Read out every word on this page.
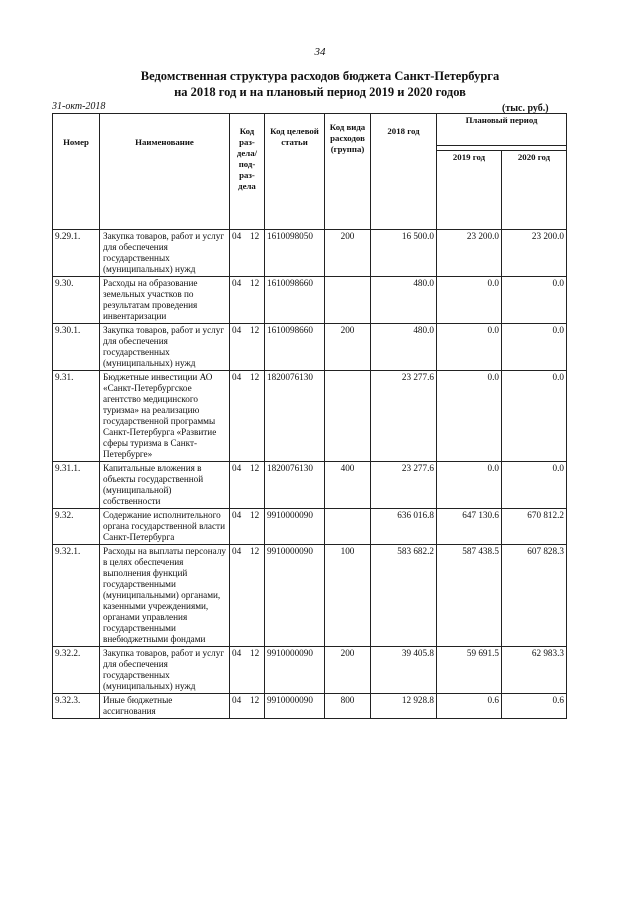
34
Ведомственная структура расходов бюджета Санкт-Петербурга
на 2018 год и на плановый период 2019 и 2020 годов
31-окт-2018	(тыс. руб.)
Номер	Наименование	Код раз-дела/ под-раз-дела	Код целевой статьи	Код вида расходов (группа)	2018 год	Плановый период	

						2019 год	2020 год
9.29.1.	Закупка товаров, работ и услуг для обеспечения государственных (муниципальных) нужд	04 12	1610098050	200	16 500.0	23 200.0	23 200.0
9.30.	Расходы на образование земельных участков по результатам проведения инвентаризации	04 12	1610098660		480.0	0.0	0.0
9.30.1.	Закупка товаров, работ и услуг для обеспечения государственных (муниципальных) нужд	04 12	1610098660	200	480.0	0.0	0.0
9.31.	Бюджетные инвестиции АО «Санкт-Петербургское агентство медицинского туризма» на реализацию государственной программы Санкт-Петербурга «Развитие сферы туризма в Санкт-Петербурге»	04 12	1820076130		23 277.6	0.0	0.0
9.31.1.	Капитальные вложения в объекты государственной (муниципальной) собственности	04 12	1820076130	400	23 277.6	0.0	0.0
9.32.	Содержание исполнительного органа государственной власти Санкт-Петербурга	04 12	9910000090		636 016.8	647 130.6	670 812.2
9.32.1.	Расходы на выплаты персоналу в целях обеспечения выполнения функций государственными (муниципальными) органами, казенными учреждениями, органами управления государственными внебюджетными фондами	04 12	9910000090	100	583 682.2	587 438.5	607 828.3
9.32.2.	Закупка товаров, работ и услуг для обеспечения государственных (муниципальных) нужд	04 12	9910000090	200	39 405.8	59 691.5	62 983.3
9.32.3.	Иные бюджетные ассигнования	04 12	9910000090	800	12 928.8	0.6	0.6
